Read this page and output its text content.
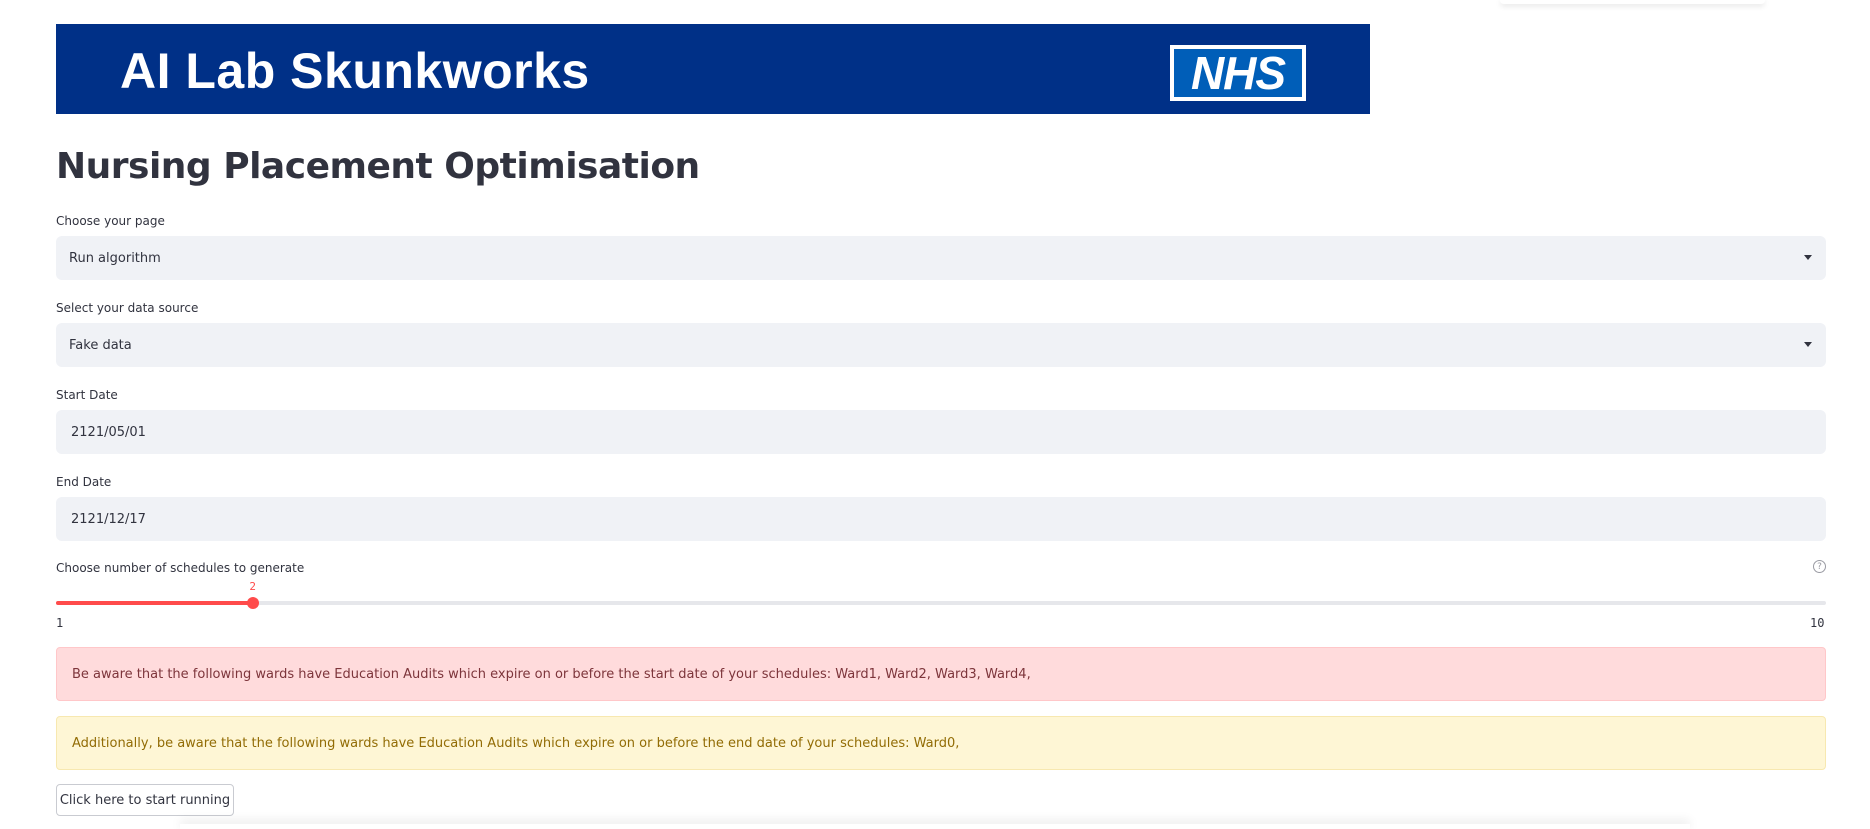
AI Lab Skunkworks	NHS
Nursing Placement Optimisation
Choose your page
Run algorithm
Select your data source
Fake data
Start Date
2121/05/01
End Date
2121/12/17
Choose number of schedules to generate	?
2
1	10
Be aware that the following wards have Education Audits which expire on or before the start date of your schedules: Ward1, Ward2, Ward3, Ward4,
Additionally, be aware that the following wards have Education Audits which expire on or before the end date of your schedules: Ward0,
Click here to start running
